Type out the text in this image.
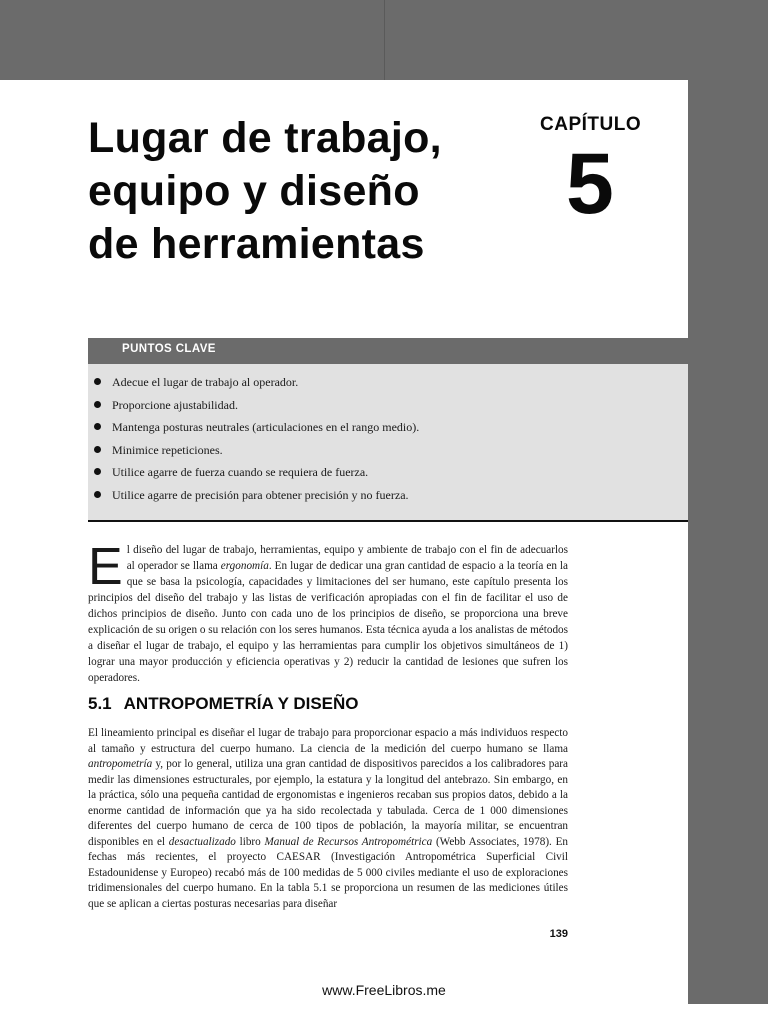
Lugar de trabajo,
equipo y diseño
de herramientas
CAPÍTULO
5
PUNTOS CLAVE
Adecue el lugar de trabajo al operador.
Proporcione ajustabilidad.
Mantenga posturas neutrales (articulaciones en el rango medio).
Minimice repeticiones.
Utilice agarre de fuerza cuando se requiera de fuerza.
Utilice agarre de precisión para obtener precisión y no fuerza.

El diseño del lugar de trabajo, herramientas, equipo y ambiente de trabajo con el fin de adecuarlos al operador se llama ergonomía. En lugar de dedicar una gran cantidad de espacio a la teoría en la que se basa la psicología, capacidades y limitaciones del ser humano, este capítulo presenta los principios del diseño del trabajo y las listas de verificación apropiadas con el fin de facilitar el uso de dichos principios de diseño. Junto con cada uno de los principios de diseño, se proporciona una breve explicación de su origen o su relación con los seres humanos. Esta técnica ayuda a los analistas de métodos a diseñar el lugar de trabajo, el equipo y las herramientas para cumplir los objetivos simultáneos de 1) lograr una mayor producción y eficiencia operativas y 2) reducir la cantidad de lesiones que sufren los operadores.

5.1 ANTROPOMETRÍA Y DISEÑO

El lineamiento principal es diseñar el lugar de trabajo para proporcionar espacio a más individuos respecto al tamaño y estructura del cuerpo humano. La ciencia de la medición del cuerpo humano se llama antropometría y, por lo general, utiliza una gran cantidad de dispositivos parecidos a los calibradores para medir las dimensiones estructurales, por ejemplo, la estatura y la longitud del antebrazo. Sin embargo, en la práctica, sólo una pequeña cantidad de ergonomistas e ingenieros recaban sus propios datos, debido a la enorme cantidad de información que ya ha sido recolectada y tabulada. Cerca de 1 000 dimensiones diferentes del cuerpo humano de cerca de 100 tipos de población, la mayoría militar, se encuentran disponibles en el desactualizado libro Manual de Recursos Antropométrica (Webb Associates, 1978). En fechas más recientes, el proyecto CAESAR (Investigación Antropométrica Superficial Civil Estadounidense y Europeo) recabó más de 100 medidas de 5 000 civiles mediante el uso de exploraciones tridimensionales del cuerpo humano. En la tabla 5.1 se proporciona un resumen de las mediciones útiles que se aplican a ciertas posturas necesarias para diseñar

139
www.FreeLibros.me
